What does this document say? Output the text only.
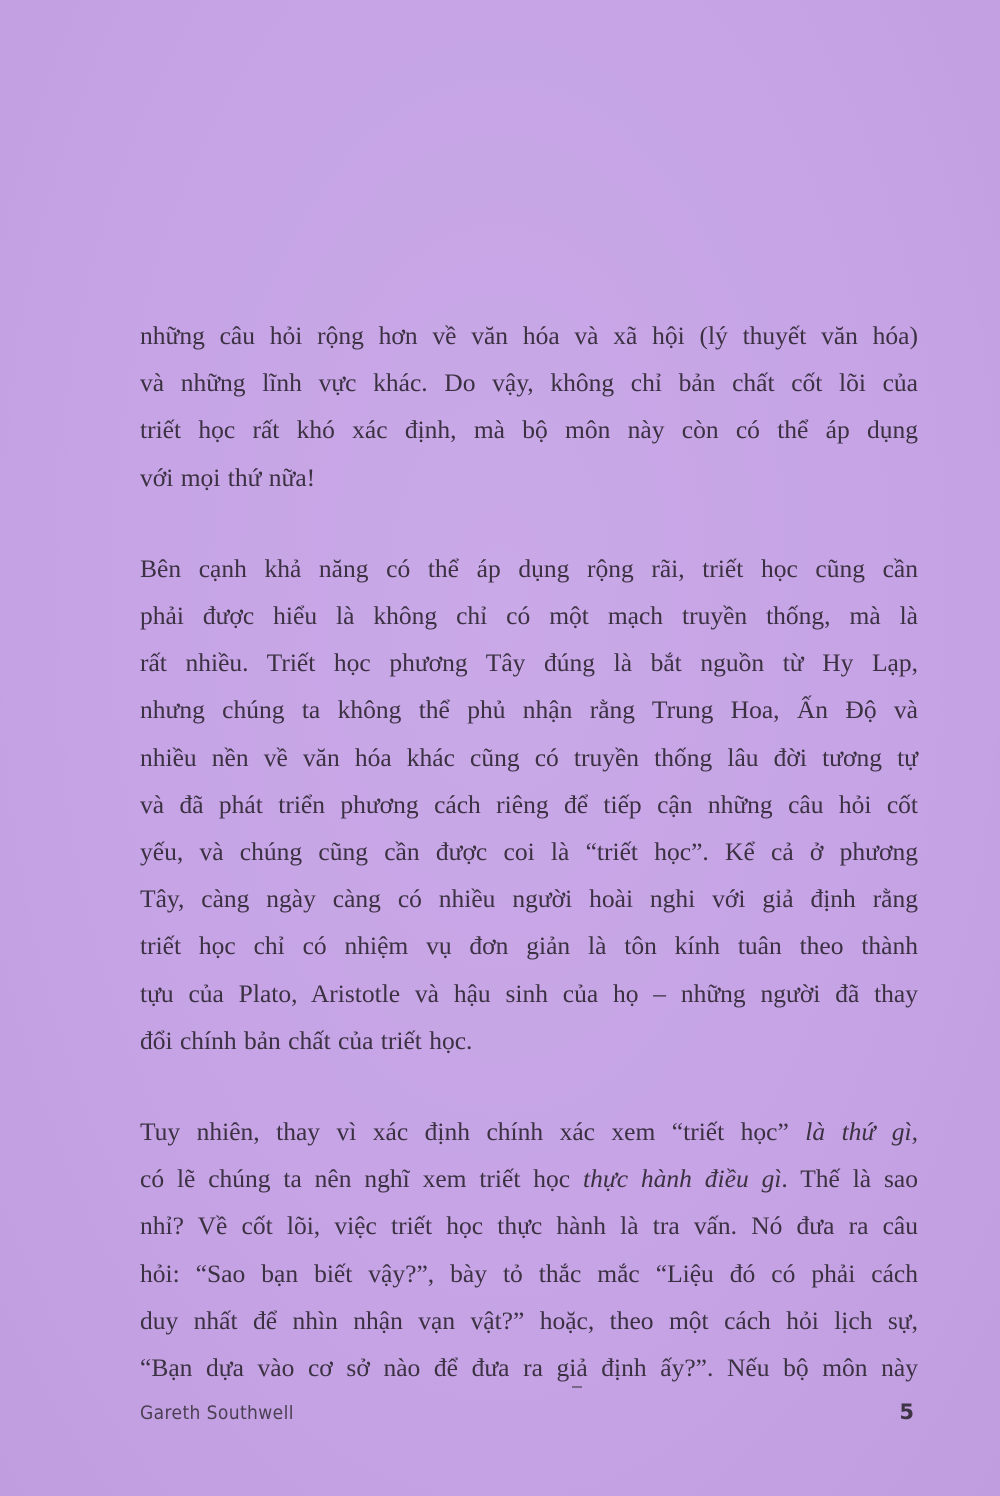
những câu hỏi rộng hơn về văn hóa và xã hội (lý thuyết văn hóa)
và những lĩnh vực khác. Do vậy, không chỉ bản chất cốt lõi của
triết học rất khó xác định, mà bộ môn này còn có thể áp dụng
với mọi thứ nữa!

Bên cạnh khả năng có thể áp dụng rộng rãi, triết học cũng cần
phải được hiểu là không chỉ có một mạch truyền thống, mà là
rất nhiều. Triết học phương Tây đúng là bắt nguồn từ Hy Lạp,
nhưng chúng ta không thể phủ nhận rằng Trung Hoa, Ấn Độ và
nhiều nền về văn hóa khác cũng có truyền thống lâu đời tương tự
và đã phát triển phương cách riêng để tiếp cận những câu hỏi cốt
yếu, và chúng cũng cần được coi là “triết học”. Kể cả ở phương
Tây, càng ngày càng có nhiều người hoài nghi với giả định rằng
triết học chỉ có nhiệm vụ đơn giản là tôn kính tuân theo thành
tựu của Plato, Aristotle và hậu sinh của họ – những người đã thay
đổi chính bản chất của triết học.

Tuy nhiên, thay vì xác định chính xác xem “triết học” là thứ gì,
có lẽ chúng ta nên nghĩ xem triết học thực hành điều gì. Thế là sao
nhỉ? Về cốt lõi, việc triết học thực hành là tra vấn. Nó đưa ra câu
hỏi: “Sao bạn biết vậy?”, bày tỏ thắc mắc “Liệu đó có phải cách
duy nhất để nhìn nhận vạn vật?” hoặc, theo một cách hỏi lịch sự,
“Bạn dựa vào cơ sở nào để đưa ra giả định ấy?”. Nếu bộ môn này

Gareth Southwell	5
